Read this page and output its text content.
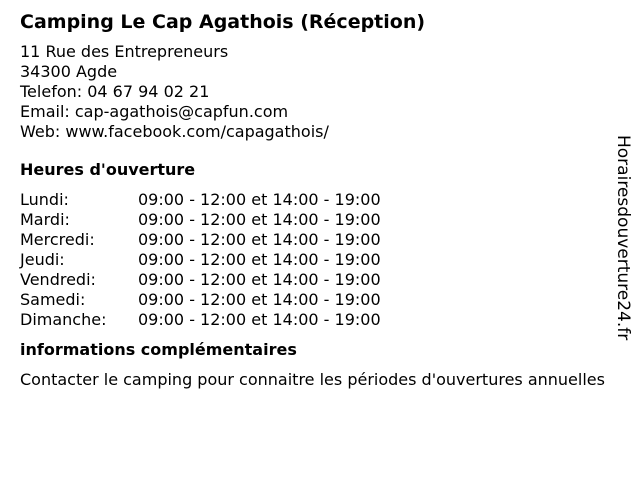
Camping Le Cap Agathois (Réception)
11 Rue des Entrepreneurs
34300 Agde
Telefon: 04 67 94 02 21
Email: cap-agathois@capfun.com
Web: www.facebook.com/capagathois/
Heures d'ouverture
Lundi:	09:00 - 12:00 et 14:00 - 19:00
Mardi:	09:00 - 12:00 et 14:00 - 19:00
Mercredi:	09:00 - 12:00 et 14:00 - 19:00
Jeudi:	09:00 - 12:00 et 14:00 - 19:00
Vendredi:	09:00 - 12:00 et 14:00 - 19:00
Samedi:	09:00 - 12:00 et 14:00 - 19:00
Dimanche:	09:00 - 12:00 et 14:00 - 19:00
informations complémentaires
Contacter le camping pour connaitre les périodes d'ouvertures annuelles
Horairesdouverture24.fr
